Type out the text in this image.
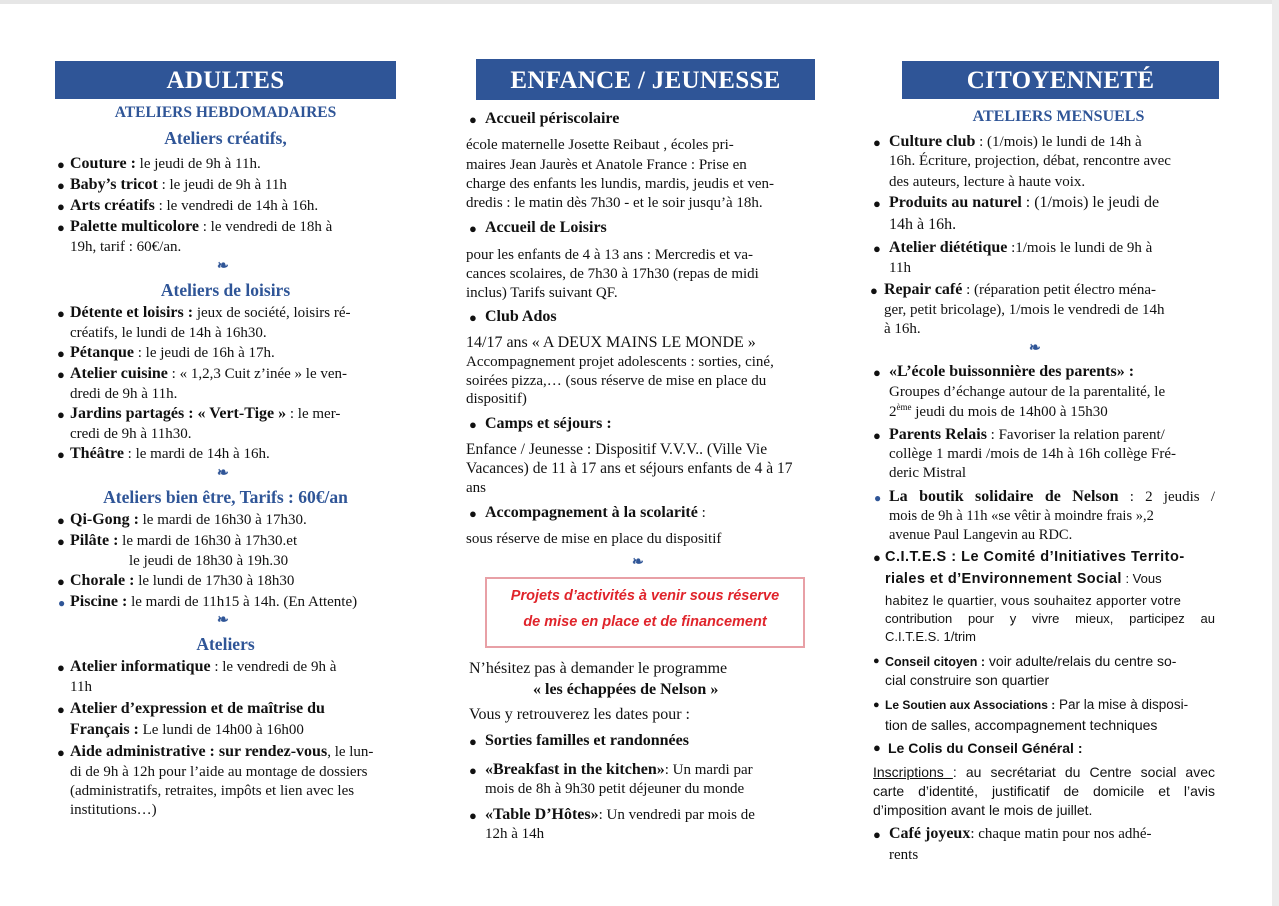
ADULTES
ATELIERS HEBDOMADAIRES
Ateliers créatifs,
● Couture : le jeudi de 9h à 11h.
● Baby’s tricot : le jeudi de 9h à 11h
● Arts créatifs : le vendredi de 14h à 16h.
● Palette multicolore : le vendredi de 18h à
19h, tarif : 60€/an.
❧
Ateliers de loisirs
● Détente et loisirs : jeux de société, loisirs ré-
créatifs, le lundi de 14h à 16h30.
● Pétanque : le jeudi de 16h à 17h.
● Atelier cuisine : « 1,2,3 Cuit z’inée » le ven-
dredi de 9h à 11h.
● Jardins partagés : « Vert-Tige » : le mer-
credi de 9h à 11h30.
● Théâtre : le mardi de 14h à 16h.
❧
Ateliers bien être, Tarifs : 60€/an
● Qi-Gong : le mardi de 16h30 à 17h30.
● Pilâte : le mardi de 16h30 à 17h30.et
le jeudi de 18h30 à 19h.30
● Chorale : le lundi de 17h30 à 18h30
● Piscine : le mardi de 11h15 à 14h. (En Attente)
❧
Ateliers
● Atelier informatique : le vendredi de 9h à
11h
● Atelier d’expression et de maîtrise du
Français : Le lundi de 14h00 à 16h00
● Aide administrative : sur rendez-vous, le lun-
di de 9h à 12h pour l’aide au montage de dossiers
(administratifs, retraites, impôts et lien avec les
institutions…)
ENFANCE / JEUNESSE
● Accueil périscolaire
école maternelle Josette Reibaut , écoles pri-
maires Jean Jaurès et Anatole France : Prise en
charge des enfants les lundis, mardis, jeudis et ven-
dredis : le matin dès 7h30 - et le soir jusqu’à 18h.
● Accueil de Loisirs
pour les enfants de 4 à 13 ans : Mercredis et va-
cances scolaires, de 7h30 à 17h30 (repas de midi
inclus) Tarifs suivant QF.
● Club Ados
14/17 ans « A DEUX MAINS LE MONDE »
Accompagnement projet adolescents : sorties, ciné,
soirées pizza,… (sous réserve de mise en place du
dispositif)
● Camps et séjours :
Enfance / Jeunesse : Dispositif V.V.V.. (Ville Vie
Vacances) de 11 à 17 ans et séjours enfants de 4 à 17
ans
● Accompagnement à la scolarité :
sous réserve de mise en place du dispositif
❧
Projets d’activités à venir sous réserve
de mise en place et de financement
N’hésitez pas à demander le programme
« les échappées de Nelson »
Vous y retrouverez les dates pour :
● Sorties familles et randonnées
● «Breakfast in the kitchen»: Un mardi par
mois de 8h à 9h30 petit déjeuner du monde
● «Table D’Hôtes»: Un vendredi par mois de
12h à 14h
CITOYENNETÉ
ATELIERS MENSUELS
● Culture club : (1/mois) le lundi de 14h à
16h. Écriture, projection, débat, rencontre avec
des auteurs, lecture à haute voix.
● Produits au naturel : (1/mois) le jeudi de
14h à 16h.
● Atelier diététique :1/mois le lundi de 9h à
11h
● Repair café : (réparation petit électro ména-
ger, petit bricolage), 1/mois le vendredi de 14h
à 16h.
❧
● «L’école buissonnière des parents» :
Groupes d’échange autour de la parentalité, le
2ème jeudi du mois de 14h00 à 15h30
● Parents Relais : Favoriser la relation parent/
collège 1 mardi /mois de 14h à 16h collège Fré-
deric Mistral
● La boutik solidaire de Nelson : 2 jeudis /
mois de 9h à 11h «se vêtir à moindre frais »,2
avenue Paul Langevin au RDC.
● C.I.T.E.S : Le Comité d’Initiatives Territo-
riales et d’Environnement Social : Vous
habitez le quartier, vous souhaitez apporter votre
contribution pour y vivre mieux, participez au
C.I.T.E.S. 1/trim
● Conseil citoyen : voir adulte/relais du centre so-
cial construire son quartier
● Le Soutien aux Associations : Par la mise à disposi-
tion de salles, accompagnement techniques
● Le Colis du Conseil Général :
Inscriptions : au secrétariat du Centre social avec
carte d’identité, justificatif de domicile et l’avis
d’imposition avant le mois de juillet.
● Café joyeux: chaque matin pour nos adhé-
rents
